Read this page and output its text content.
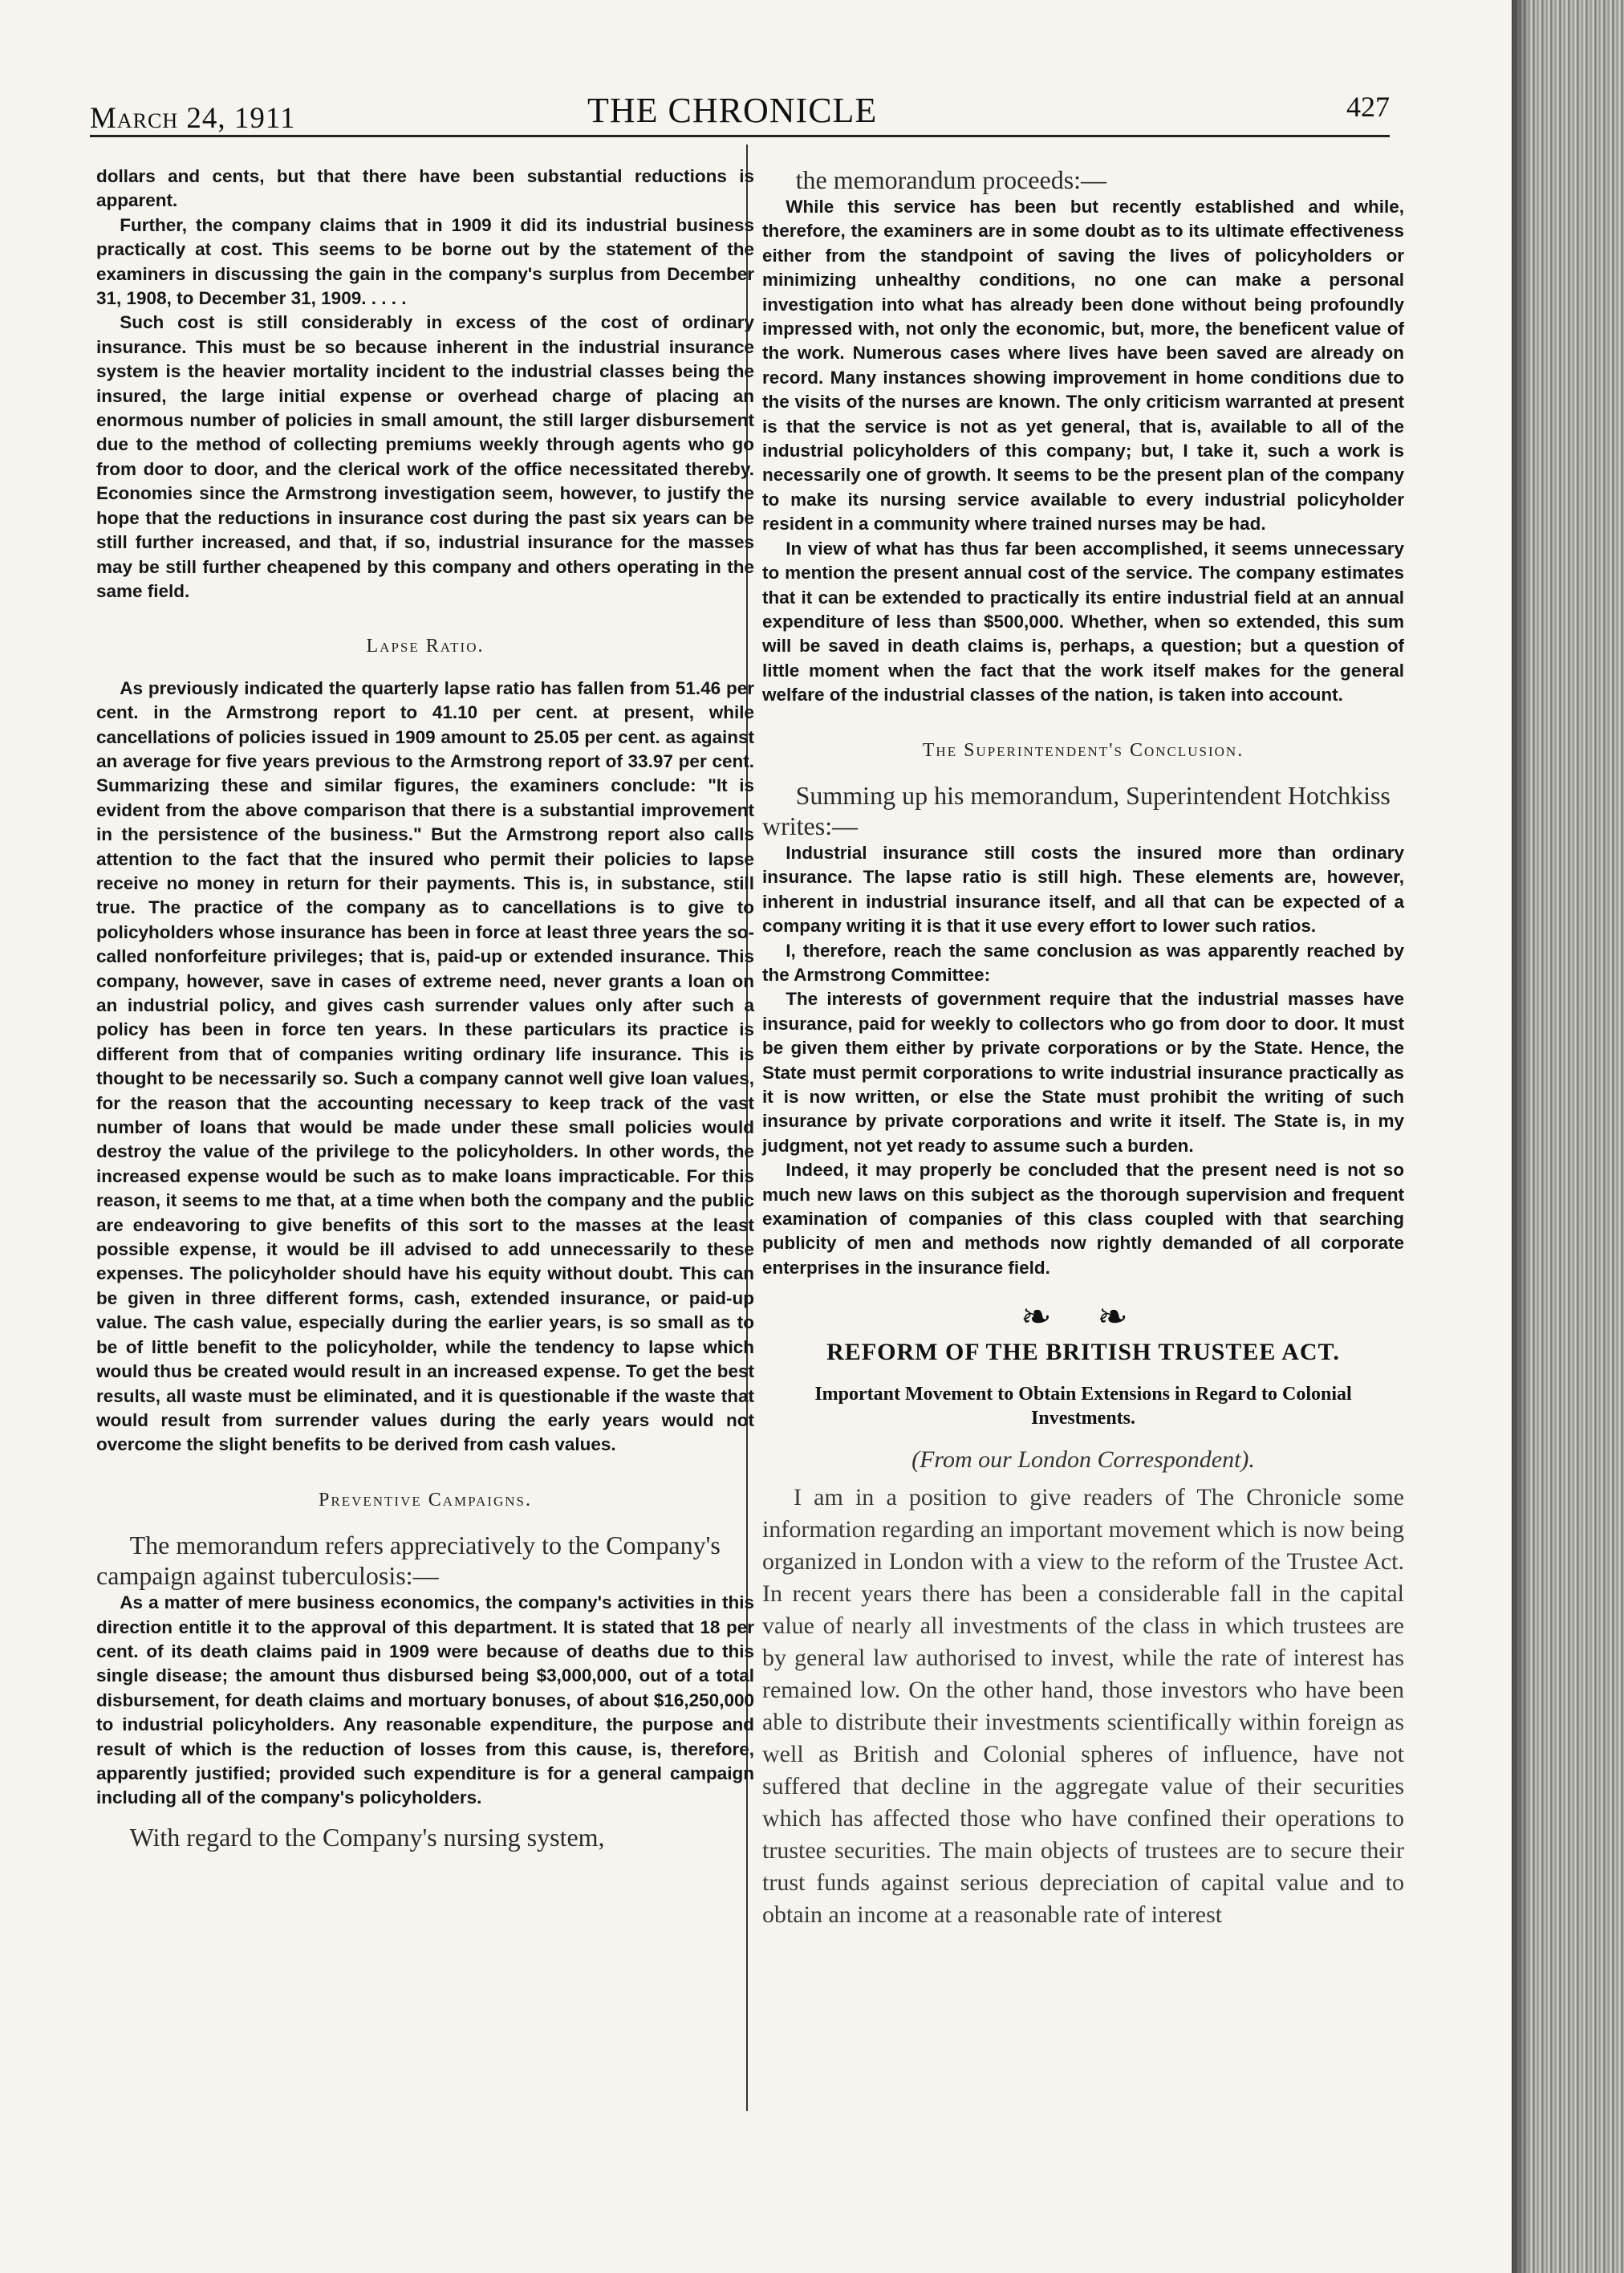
March 24, 1911	THE CHRONICLE	427

dollars and cents, but that there have been substantial reductions is apparent.

Further, the company claims that in 1909 it did its industrial business practically at cost. This seems to be borne out by the statement of the examiners in discussing the gain in the company's surplus from December 31, 1908, to December 31, 1909. . . . .

Such cost is still considerably in excess of the cost of ordinary insurance. This must be so because inherent in the industrial insurance system is the heavier mortality incident to the industrial classes being the insured, the large initial expense or overhead charge of placing an enormous number of policies in small amount, the still larger disbursement due to the method of collecting premiums weekly through agents who go from door to door, and the clerical work of the office necessitated thereby. Economies since the Armstrong investigation seem, however, to justify the hope that the reductions in insurance cost during the past six years can be still further increased, and that, if so, industrial insurance for the masses may be still further cheapened by this company and others operating in the same field.

Lapse Ratio.

As previously indicated the quarterly lapse ratio has fallen from 51.46 per cent. in the Armstrong report to 41.10 per cent. at present, while cancellations of policies issued in 1909 amount to 25.05 per cent. as against an average for five years previous to the Armstrong report of 33.97 per cent. Summarizing these and similar figures, the examiners conclude: "It is evident from the above comparison that there is a substantial improvement in the persistence of the business." But the Armstrong report also calls attention to the fact that the insured who permit their policies to lapse receive no money in return for their payments. This is, in substance, still true. The practice of the company as to cancellations is to give to policyholders whose insurance has been in force at least three years the so-called nonforfeiture privileges; that is, paid-up or extended insurance. This company, however, save in cases of extreme need, never grants a loan on an industrial policy, and gives cash surrender values only after such a policy has been in force ten years. In these particulars its practice is different from that of companies writing ordinary life insurance. This is thought to be necessarily so. Such a company cannot well give loan values, for the reason that the accounting necessary to keep track of the vast number of loans that would be made under these small policies would destroy the value of the privilege to the policyholders. In other words, the increased expense would be such as to make loans impracticable. For this reason, it seems to me that, at a time when both the company and the public are endeavoring to give benefits of this sort to the masses at the least possible expense, it would be ill advised to add unnecessarily to these expenses. The policyholder should have his equity without doubt. This can be given in three different forms, cash, extended insurance, or paid-up value. The cash value, especially during the earlier years, is so small as to be of little benefit to the policyholder, while the tendency to lapse which would thus be created would result in an increased expense. To get the best results, all waste must be eliminated, and it is questionable if the waste that would result from surrender values during the early years would not overcome the slight benefits to be derived from cash values.

Preventive Campaigns.

The memorandum refers appreciatively to the Company's campaign against tuberculosis:—

As a matter of mere business economics, the company's activities in this direction entitle it to the approval of this department. It is stated that 18 per cent. of its death claims paid in 1909 were because of deaths due to this single disease; the amount thus disbursed being $3,000,000, out of a total disbursement, for death claims and mortuary bonuses, of about $16,250,000 to industrial policyholders. Any reasonable expenditure, the purpose and result of which is the reduction of losses from this cause, is, therefore, apparently justified; provided such expenditure is for a general campaign including all of the company's policyholders.

With regard to the Company's nursing system,

the memorandum proceeds:—

While this service has been but recently established and while, therefore, the examiners are in some doubt as to its ultimate effectiveness either from the standpoint of saving the lives of policyholders or minimizing unhealthy conditions, no one can make a personal investigation into what has already been done without being profoundly impressed with, not only the economic, but, more, the beneficent value of the work. Numerous cases where lives have been saved are already on record. Many instances showing improvement in home conditions due to the visits of the nurses are known. The only criticism warranted at present is that the service is not as yet general, that is, available to all of the industrial policyholders of this company; but, I take it, such a work is necessarily one of growth. It seems to be the present plan of the company to make its nursing service available to every industrial policyholder resident in a community where trained nurses may be had.

In view of what has thus far been accomplished, it seems unnecessary to mention the present annual cost of the service. The company estimates that it can be extended to practically its entire industrial field at an annual expenditure of less than $500,000. Whether, when so extended, this sum will be saved in death claims is, perhaps, a question; but a question of little moment when the fact that the work itself makes for the general welfare of the industrial classes of the nation, is taken into account.

The Superintendent's Conclusion.

Summing up his memorandum, Superintendent Hotchkiss writes:—

Industrial insurance still costs the insured more than ordinary insurance. The lapse ratio is still high. These elements are, however, inherent in industrial insurance itself, and all that can be expected of a company writing it is that it use every effort to lower such ratios.

I, therefore, reach the same conclusion as was apparently reached by the Armstrong Committee:

The interests of government require that the industrial masses have insurance, paid for weekly to collectors who go from door to door. It must be given them either by private corporations or by the State. Hence, the State must permit corporations to write industrial insurance practically as it is now written, or else the State must prohibit the writing of such insurance by private corporations and write it itself. The State is, in my judgment, not yet ready to assume such a burden.

Indeed, it may properly be concluded that the present need is not so much new laws on this subject as the thorough supervision and frequent examination of companies of this class coupled with that searching publicity of men and methods now rightly demanded of all corporate enterprises in the insurance field.

❧ ❧
REFORM OF THE BRITISH TRUSTEE ACT.
Important Movement to Obtain Extensions in Regard to Colonial Investments.
(From our London Correspondent).

I am in a position to give readers of The Chronicle some information regarding an important movement which is now being organized in London with a view to the reform of the Trustee Act. In recent years there has been a considerable fall in the capital value of nearly all investments of the class in which trustees are by general law authorised to invest, while the rate of interest has remained low. On the other hand, those investors who have been able to distribute their investments scientifically within foreign as well as British and Colonial spheres of influence, have not suffered that decline in the aggregate value of their securities which has affected those who have confined their operations to trustee securities. The main objects of trustees are to secure their trust funds against serious depreciation of capital value and to obtain an income at a reasonable rate of interest
